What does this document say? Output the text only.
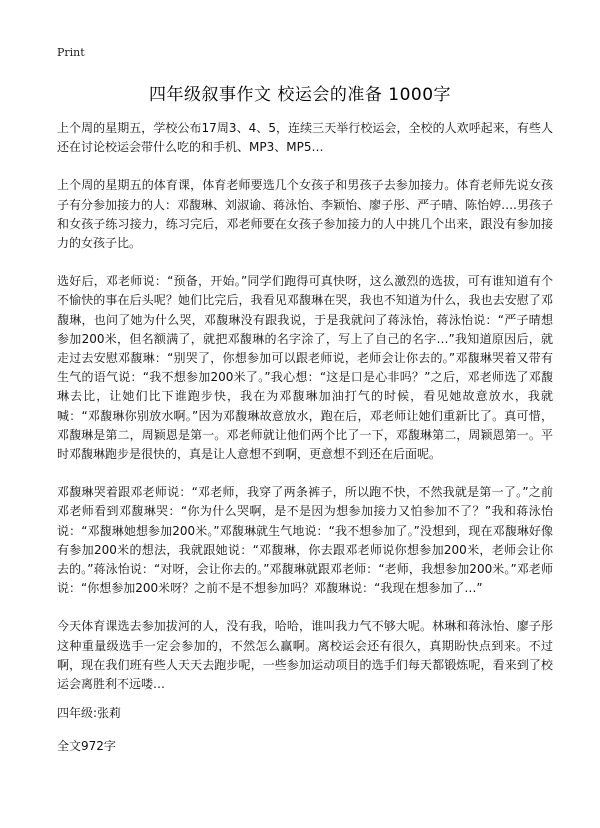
Print
四年级叙事作文 校运会的准备 1000字

上个周的星期五，学校公布17周3、4、5，连续三天举行校运会，全校的人欢呼起来，有些人还在讨论校运会带什么吃的和手机、MP3、MP5…

上个周的星期五的体育课，体育老师要选几个女孩子和男孩子去参加接力。体育老师先说女孩子有分参加接力的人：邓馥琳、刘淑谕、蒋泳怡、李颖怡、廖子彤、严子晴、陈怡婷….男孩子和女孩子练习接力，练习完后，邓老师要在女孩子参加接力的人中挑几个出来，跟没有参加接力的女孩子比。

选好后，邓老师说：“预备，开始。”同学们跑得可真快呀，这么激烈的选拔，可有谁知道有个不愉快的事在后头呢？她们比完后，我看见邓馥琳在哭，我也不知道为什么，我也去安慰了邓馥琳，也问了她为什么哭，邓馥琳没有跟我说，于是我就问了蒋泳怡，蒋泳怡说：“严子晴想参加200米，但名额满了，就把邓馥琳的名字涂了，写上了自己的名字…”我知道原因后，就走过去安慰邓馥琳：“别哭了，你想参加可以跟老师说，老师会让你去的。”邓馥琳哭着又带有生气的语气说：“我不想参加200米了。”我心想：“这是口是心非吗？”之后，邓老师选了邓馥琳去比，让她们比下谁跑步快，我在为邓馥琳加油打气的时候，看见她故意放水，我就喊：“邓馥琳你别放水啊。”因为邓馥琳故意放水，跑在后，邓老师让她们重新比了。真可惜，邓馥琳是第二，周颖恩是第一。邓老师就让他们两个比了一下，邓馥琳第二，周颖恩第一。平时邓馥琳跑步是很快的，真是让人意想不到啊，更意想不到还在后面呢。

邓馥琳哭着跟邓老师说：“邓老师，我穿了两条裤子，所以跑不快，不然我就是第一了。”之前邓老师看到邓馥琳哭：“你为什么哭啊，是不是因为想参加接力又怕参加不了？”我和蒋泳怡说：“邓馥琳她想参加200米。”邓馥琳就生气地说：“我不想参加了。”没想到，现在邓馥琳好像有参加200米的想法，我就跟她说：“邓馥琳，你去跟邓老师说你想参加200米，老师会让你去的。”蒋泳怡说：“对呀，会让你去的。”邓馥琳就跟邓老师：“老师，我想参加200米。”邓老师说：“你想参加200米呀？之前不是不想参加吗？邓馥琳说：“我现在想参加了…”

今天体育课选去参加拔河的人，没有我，哈哈，谁叫我力气不够大呢。林琳和蒋泳怡、廖子彤这种重量级选手一定会参加的，不然怎么赢啊。离校运会还有很久，真期盼快点到来。不过啊，现在我们班有些人天天去跑步呢，一些参加运动项目的选手们每天都锻炼呢，看来到了校运会离胜利不远喽…

四年级:张莉
全文972字
